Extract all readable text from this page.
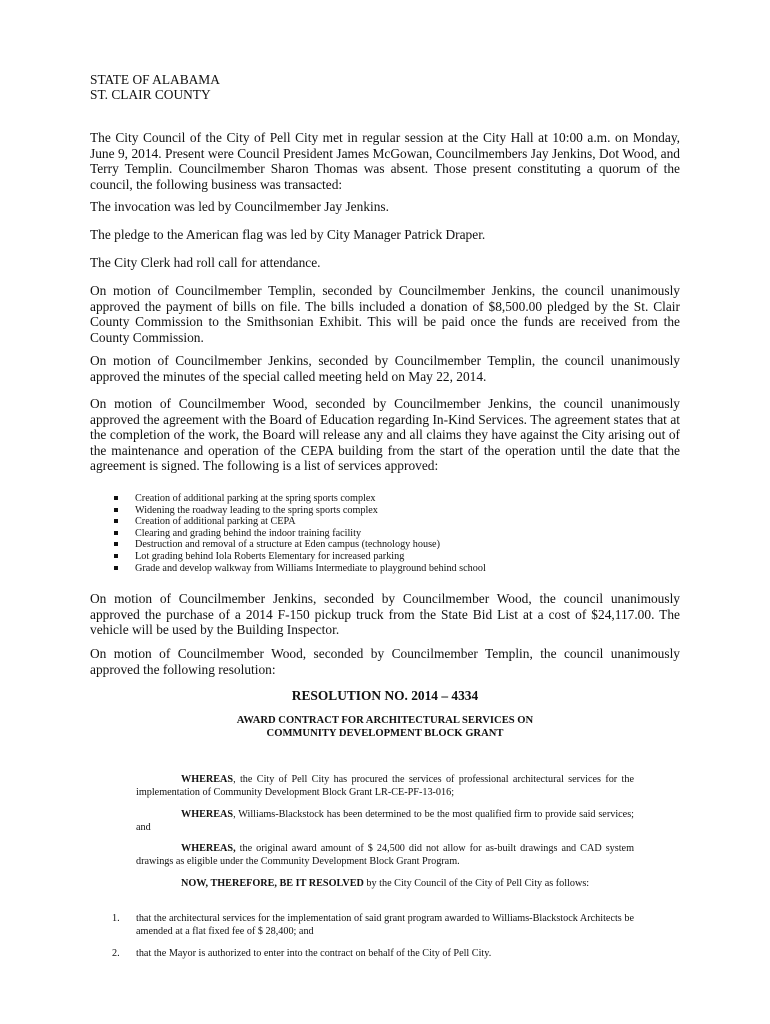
STATE OF ALABAMA
ST. CLAIR COUNTY
The City Council of the City of Pell City met in regular session at the City Hall at 10:00 a.m. on Monday, June 9, 2014. Present were Council President James McGowan, Councilmembers Jay Jenkins, Dot Wood, and Terry Templin. Councilmember Sharon Thomas was absent. Those present constituting a quorum of the council, the following business was transacted:
The invocation was led by Councilmember Jay Jenkins.
The pledge to the American flag was led by City Manager Patrick Draper.
The City Clerk had roll call for attendance.
On motion of Councilmember Templin, seconded by Councilmember Jenkins, the council unanimously approved the payment of bills on file. The bills included a donation of $8,500.00 pledged by the St. Clair County Commission to the Smithsonian Exhibit. This will be paid once the funds are received from the County Commission.
On motion of Councilmember Jenkins, seconded by Councilmember Templin, the council unanimously approved the minutes of the special called meeting held on May 22, 2014.
On motion of Councilmember Wood, seconded by Councilmember Jenkins, the council unanimously approved the agreement with the Board of Education regarding In-Kind Services. The agreement states that at the completion of the work, the Board will release any and all claims they have against the City arising out of the maintenance and operation of the CEPA building from the start of the operation until the date that the agreement is signed. The following is a list of services approved:
Creation of additional parking at the spring sports complex
Widening the roadway leading to the spring sports complex
Creation of additional parking at CEPA
Clearing and grading behind the indoor training facility
Destruction and removal of a structure at Eden campus (technology house)
Lot grading behind Iola Roberts Elementary for increased parking
Grade and develop walkway from Williams Intermediate to playground behind school
On motion of Councilmember Jenkins, seconded by Councilmember Wood, the council unanimously approved the purchase of a 2014 F-150 pickup truck from the State Bid List at a cost of $24,117.00. The vehicle will be used by the Building Inspector.
On motion of Councilmember Wood, seconded by Councilmember Templin, the council unanimously approved the following resolution:
RESOLUTION NO. 2014 – 4334
AWARD CONTRACT FOR ARCHITECTURAL SERVICES ON
COMMUNITY DEVELOPMENT BLOCK GRANT
WHEREAS, the City of Pell City has procured the services of professional architectural services for the implementation of Community Development Block Grant LR-CE-PF-13-016;
WHEREAS, Williams-Blackstock has been determined to be the most qualified firm to provide said services; and
WHEREAS, the original award amount of $ 24,500 did not allow for as-built drawings and CAD system drawings as eligible under the Community Development Block Grant Program.
NOW, THEREFORE, BE IT RESOLVED by the City Council of the City of Pell City as follows:
1. that the architectural services for the implementation of said grant program awarded to Williams-Blackstock Architects be amended at a flat fixed fee of $ 28,400; and
2. that the Mayor is authorized to enter into the contract on behalf of the City of Pell City.
